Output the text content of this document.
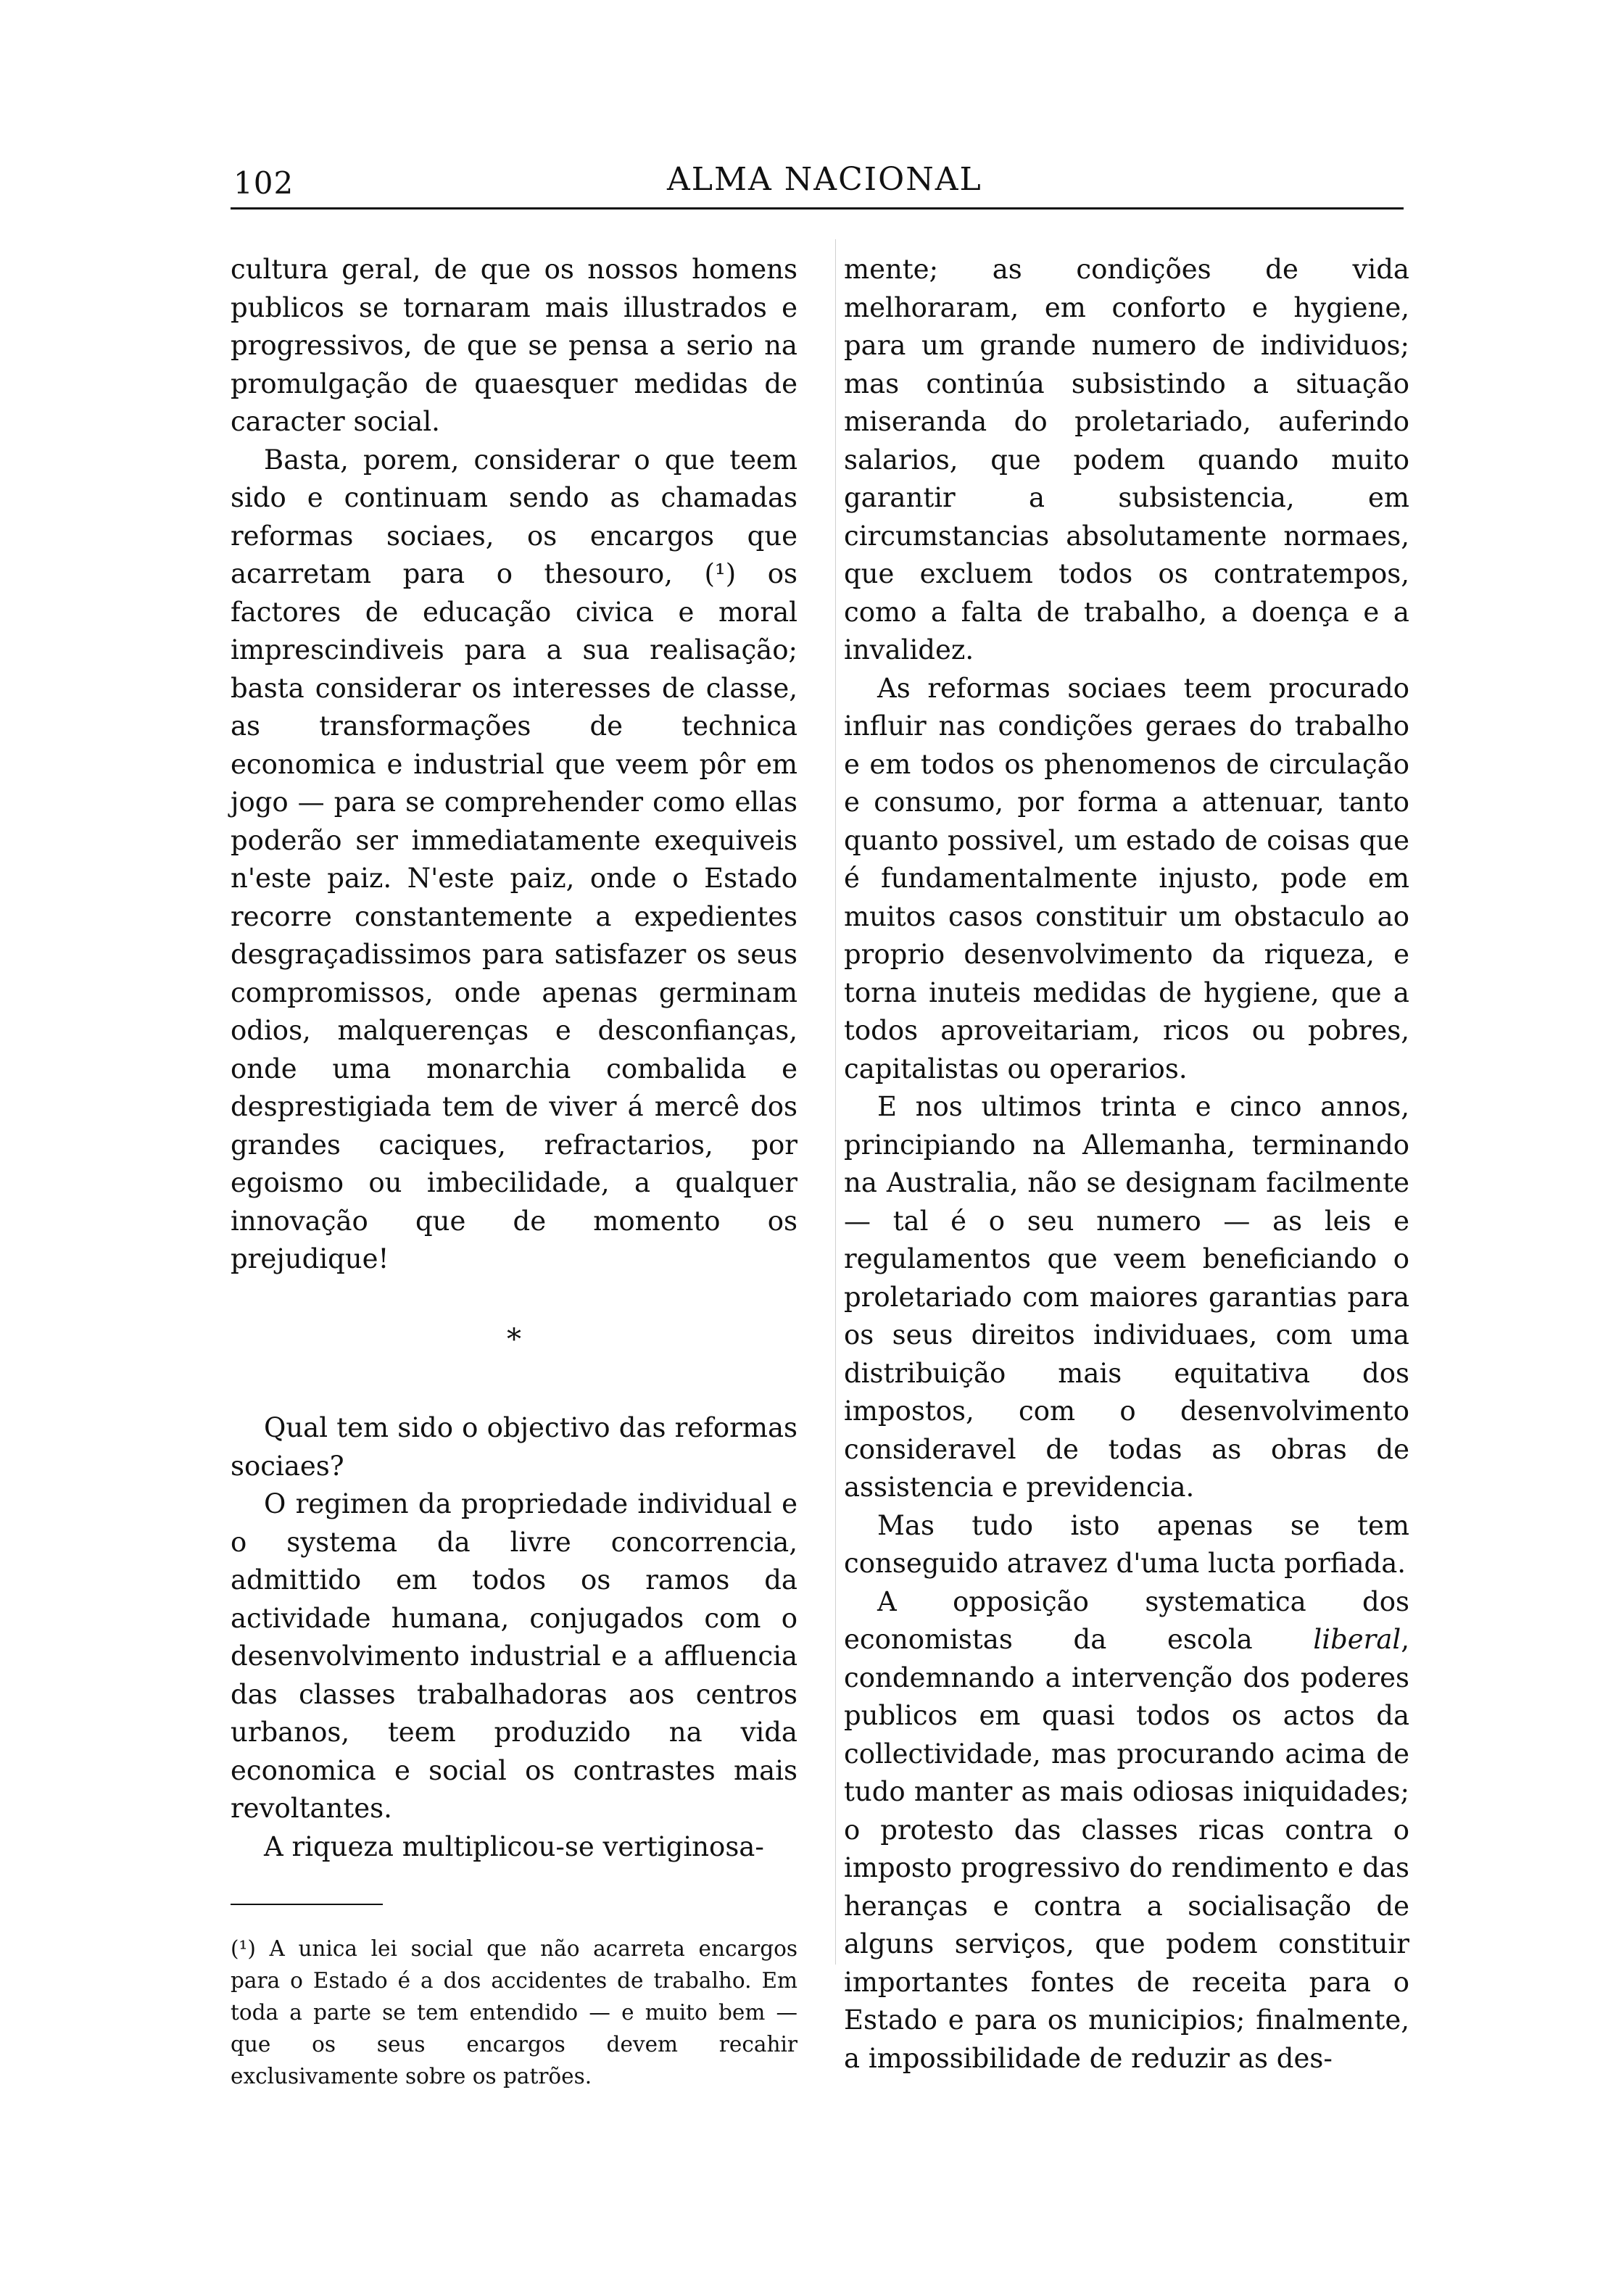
102	ALMA NACIONAL

cultura geral, de que os nossos homens publicos se tornaram mais illustrados e progressivos, de que se pensa a serio na promulgação de quaesquer medidas de caracter social.

Basta, porem, considerar o que teem sido e continuam sendo as chamadas reformas sociaes, os encargos que acarretam para o thesouro, (¹) os factores de educação civica e moral imprescindiveis para a sua realisação; basta considerar os interesses de classe, as transformações de technica economica e industrial que veem pôr em jogo — para se comprehender como ellas poderão ser immediatamente exequiveis n'este paiz. N'este paiz, onde o Estado recorre constantemente a expedientes desgraçadissimos para satisfazer os seus compromissos, onde apenas germinam odios, malquerenças e desconfianças, onde uma monarchia combalida e desprestigiada tem de viver á mercê dos grandes caciques, refractarios, por egoismo ou imbecilidade, a qualquer innovação que de momento os prejudique!

*

Qual tem sido o objectivo das reformas sociaes?

O regimen da propriedade individual e o systema da livre concorrencia, admittido em todos os ramos da actividade humana, conjugados com o desenvolvimento industrial e a affluencia das classes trabalhadoras aos centros urbanos, teem produzido na vida economica e social os contrastes mais revoltantes.

A riqueza multiplicou-se vertiginosa-

(¹) A unica lei social que não acarreta encargos para o Estado é a dos accidentes de trabalho. Em toda a parte se tem entendido — e muito bem — que os seus encargos devem recahir exclusivamente sobre os patrões.

mente; as condições de vida melhoraram, em conforto e hygiene, para um grande numero de individuos; mas continúa subsistindo a situação miseranda do proletariado, auferindo salarios, que podem quando muito garantir a subsistencia, em circumstancias absolutamente normaes, que excluem todos os contratempos, como a falta de trabalho, a doença e a invalidez.

As reformas sociaes teem procurado influir nas condições geraes do trabalho e em todos os phenomenos de circulação e consumo, por forma a attenuar, tanto quanto possivel, um estado de coisas que é fundamentalmente injusto, pode em muitos casos constituir um obstaculo ao proprio desenvolvimento da riqueza, e torna inuteis medidas de hygiene, que a todos aproveitariam, ricos ou pobres, capitalistas ou operarios.

E nos ultimos trinta e cinco annos, principiando na Allemanha, terminando na Australia, não se designam facilmente — tal é o seu numero — as leis e regulamentos que veem beneficiando o proletariado com maiores garantias para os seus direitos individuaes, com uma distribuição mais equitativa dos impostos, com o desenvolvimento consideravel de todas as obras de assistencia e previdencia.

Mas tudo isto apenas se tem conseguido atravez d'uma lucta porfiada.

A opposição systematica dos economistas da escola liberal, condemnando a intervenção dos poderes publicos em quasi todos os actos da collectividade, mas procurando acima de tudo manter as mais odiosas iniquidades; o protesto das classes ricas contra o imposto progressivo do rendimento e das heranças e contra a socialisação de alguns serviços, que podem constituir importantes fontes de receita para o Estado e para os municipios; finalmente, a impossibilidade de reduzir as des-
